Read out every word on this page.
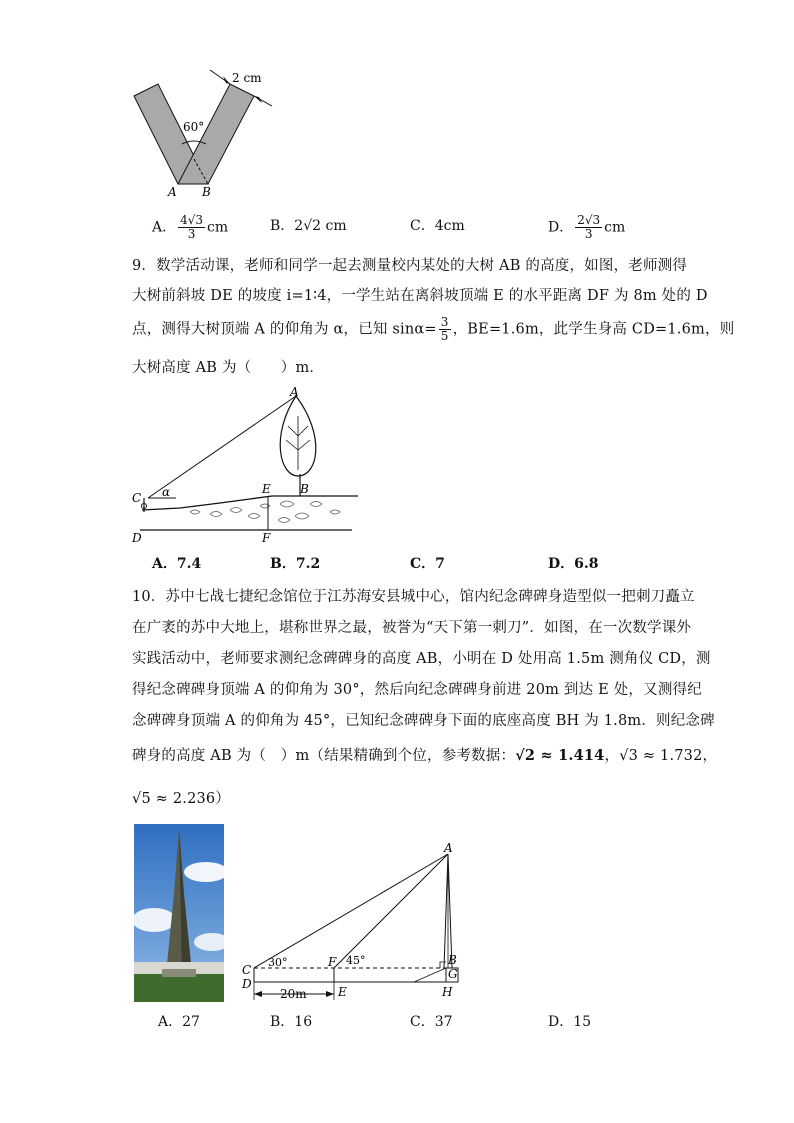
60°
2 cm
A B
A． $\frac{4√3}{3}$ cm	B．2√2 cm	C．4cm	D． $\frac{2√3}{3}$ cm
9．数学活动课，老师和同学一起去测量校内某处的大树 AB 的高度，如图，老师测得
大树前斜坡 DE 的坡度 i=1∶4，一学生站在离斜坡顶端 E 的水平距离 DF 为 8m 处的 D
点，测得大树顶端 A 的仰角为 α，已知 $\sin\alpha= \frac{3}{5}$ ，BE=1.6m，此学生身高 CD=1.6m，则
大树高度 AB 为（　　）m．
A
C α	E B
D	F
A．7.4	B．7.2	C．7	D．6.8
10．苏中七战七捷纪念馆位于江苏海安县城中心，馆内纪念碑碑身造型似一把刺刀矗立
在广袤的苏中大地上，堪称世界之最，被誉为“天下第一刺刀”．如图，在一次数学课外
实践活动中，老师要求测纪念碑碑身的高度 AB，小明在 D 处用高 1.5m 测角仪 CD，测
得纪念碑碑身顶端 A 的仰角为 30°，然后向纪念碑碑身前进 20m 到达 E 处，又测得纪
念碑碑身顶端 A 的仰角为 45°，已知纪念碑碑身下面的底座高度 BH 为 1.8m．则纪念碑
碑身的高度 AB 为（　）m（结果精确到个位，参考数据：√2 ≈ 1.414，√3 ≈ 1.732，
√5 ≈ 2.236）
A
C
30°	F 45°	B
G
D
20m	E	H
A．27	B．16	C．37	D．15
